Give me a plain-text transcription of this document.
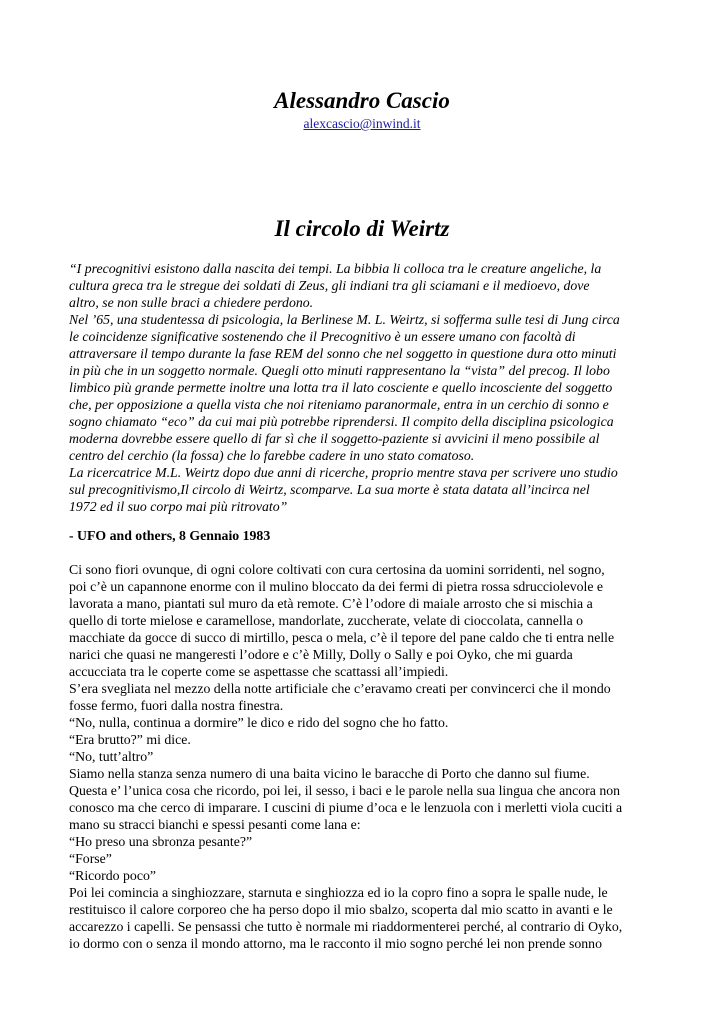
Alessandro Cascio
alexcascio@inwind.it
Il circolo di Weirtz
“I precognitivi esistono dalla nascita dei tempi. La bibbia li colloca tra le creature angeliche, la
cultura greca tra le stregue dei soldati di Zeus, gli indiani tra gli sciamani e il medioevo, dove
altro, se non sulle braci a chiedere perdono.
Nel ’65, una studentessa di psicologia, la Berlinese M. L. Weirtz, si sofferma sulle tesi di Jung circa
le coincidenze significative sostenendo che il Precognitivo è un essere umano con facoltà di
attraversare il tempo durante la fase REM del sonno che nel soggetto in questione dura otto minuti
in più che in un soggetto normale. Quegli otto minuti rappresentano la “vista” del precog. Il lobo
limbico più grande permette inoltre una lotta tra il lato cosciente e quello incosciente del soggetto
che, per opposizione a quella vista che noi riteniamo paranormale, entra in un cerchio di sonno e
sogno chiamato “eco” da cui mai più potrebbe riprendersi. Il compito della disciplina psicologica
moderna dovrebbe essere quello di far sì che il soggetto-paziente si avvicini il meno possibile al
centro del cerchio (la fossa) che lo farebbe cadere in uno stato comatoso.
La ricercatrice M.L. Weirtz dopo due anni di ricerche, proprio mentre stava per scrivere uno studio
sul precognitivismo,Il circolo di Weirtz, scomparve. La sua morte è stata datata all’incirca nel
1972 ed il suo corpo mai più ritrovato”
- UFO and others, 8 Gennaio 1983
Ci sono fiori ovunque, di ogni colore coltivati con cura certosina da uomini sorridenti, nel sogno,
poi c’è un capannone enorme con il mulino bloccato da dei fermi di pietra rossa sdrucciolevole e
lavorata a mano, piantati sul muro da età remote. C’è l’odore di maiale arrosto che si mischia a
quello di torte mielose e caramellose, mandorlate, zuccherate, velate di cioccolata, cannella o
macchiate da gocce di succo di mirtillo, pesca o mela, c’è il tepore del pane caldo che ti entra nelle
narici che quasi ne mangeresti l’odore e c’è Milly, Dolly o Sally e poi Oyko, che mi guarda
accucciata tra le coperte come se aspettasse che scattassi all’impiedi.
S’era svegliata nel mezzo della notte artificiale che c’eravamo creati per convincerci che il mondo
fosse fermo, fuori dalla nostra finestra.
“No, nulla, continua a dormire” le dico e rido del sogno che ho fatto.
“Era brutto?” mi dice.
“No, tutt’altro”
Siamo nella stanza senza numero di una baita vicino le baracche di Porto che danno sul fiume.
Questa e’ l’unica cosa che ricordo, poi lei, il sesso, i baci e le parole nella sua lingua che ancora non
conosco ma che cerco di imparare. I cuscini di piume d’oca e le lenzuola con i merletti viola cuciti a
mano su stracci bianchi e spessi pesanti come lana e:
“Ho preso una sbronza pesante?”
“Forse”
“Ricordo poco”
Poi lei comincia a singhiozzare, starnuta e singhiozza ed io la copro fino a sopra le spalle nude, le
restituisco il calore corporeo che ha perso dopo il mio sbalzo, scoperta dal mio scatto in avanti e le
accarezzo i capelli. Se pensassi che tutto è normale mi riaddormenterei perché, al contrario di Oyko,
io dormo con o senza il mondo attorno, ma le racconto il mio sogno perché lei non prende sonno
